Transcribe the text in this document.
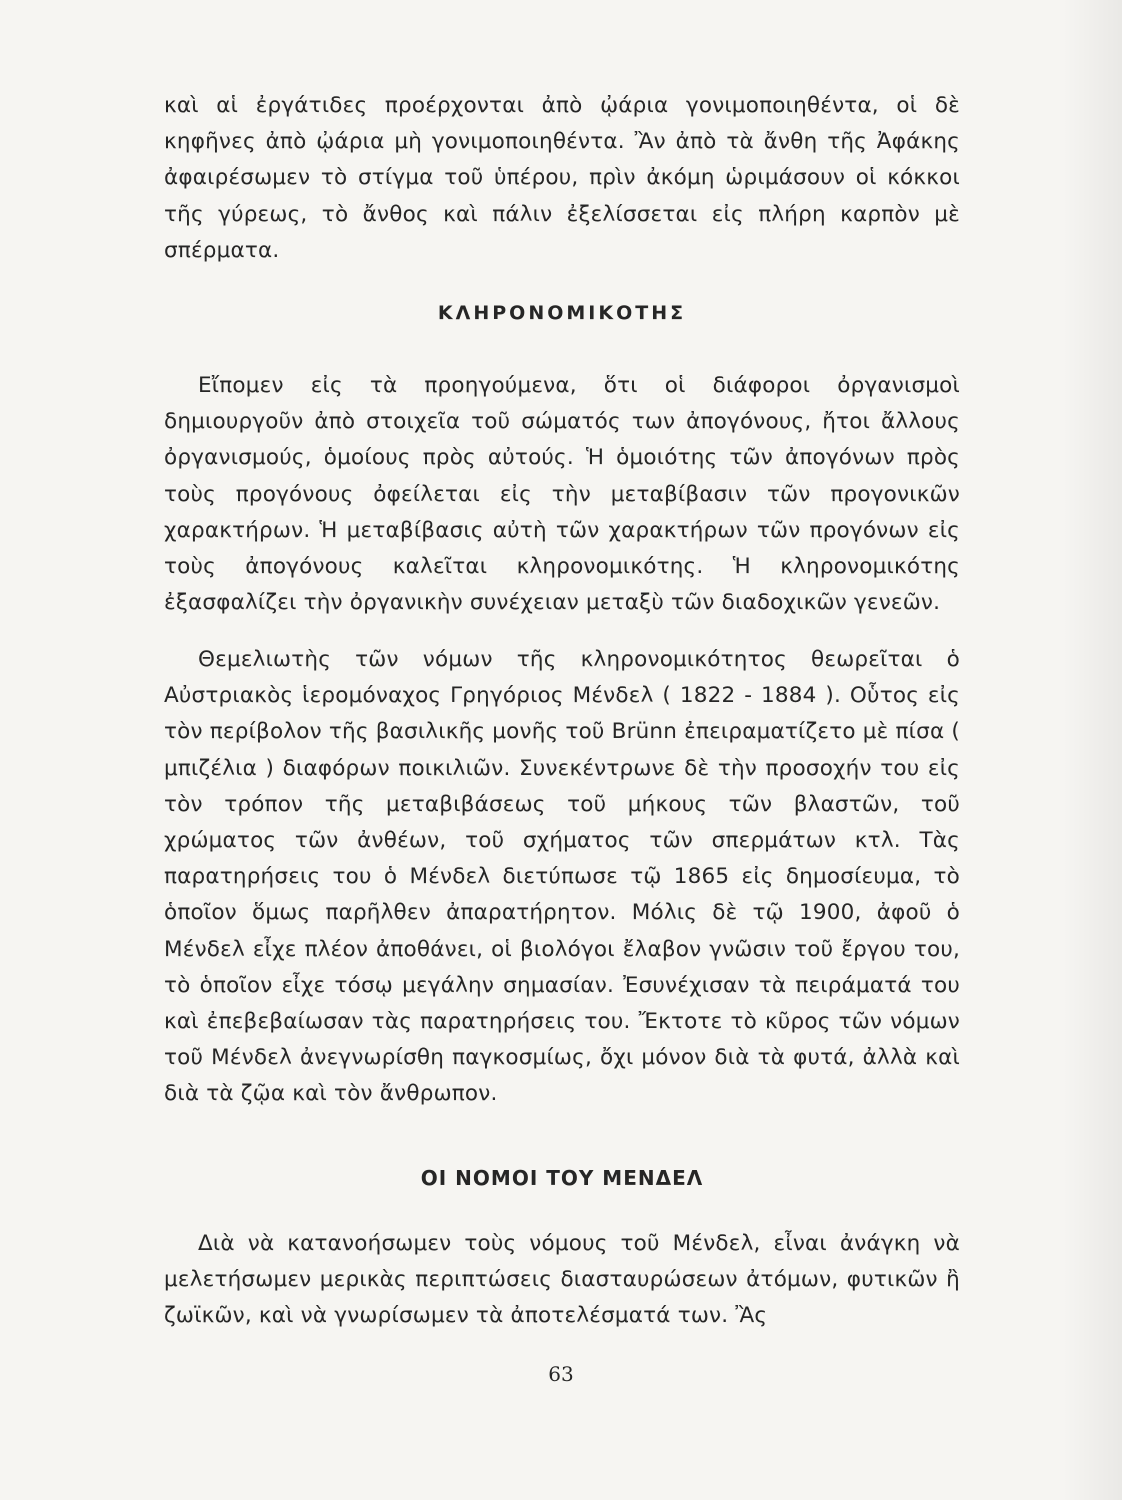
καὶ αἱ ἐργάτιδες προέρχονται ἀπὸ ᾠάρια γονιμοποιηθέντα, οἱ δὲ κηφῆνες ἀπὸ ᾠάρια μὴ γονιμοποιηθέντα. Ἂν ἀπὸ τὰ ἄνθη τῆς Ἀφάκης ἀφαιρέσωμεν τὸ στίγμα τοῦ ὑπέρου, πρὶν ἀκόμη ὡριμάσουν οἱ κόκκοι τῆς γύρεως, τὸ ἄνθος καὶ πάλιν ἐξελίσσεται εἰς πλήρη καρπὸν μὲ σπέρματα.

ΚΛΗΡΟΝΟΜΙΚΟΤΗΣ

Εἴπομεν εἰς τὰ προηγούμενα, ὅτι οἱ διάφοροι ὀργανισμοὶ δημιουργοῦν ἀπὸ στοιχεῖα τοῦ σώματός των ἀπογόνους, ἤτοι ἄλλους ὀργανισμούς, ὁμοίους πρὸς αὐτούς. Ἡ ὁμοιότης τῶν ἀπογόνων πρὸς τοὺς προγόνους ὀφείλεται εἰς τὴν μεταβίβασιν τῶν προγονικῶν χαρακτήρων. Ἡ μεταβίβασις αὐτὴ τῶν χαρακτήρων τῶν προγόνων εἰς τοὺς ἀπογόνους καλεῖται κληρονομικότης. Ἡ κληρονομικότης ἐξασφαλίζει τὴν ὀργανικὴν συνέχειαν μεταξὺ τῶν διαδοχικῶν γενεῶν.

Θεμελιωτὴς τῶν νόμων τῆς κληρονομικότητος θεωρεῖται ὁ Αὐστριακὸς ἱερομόναχος Γρηγόριος Μένδελ ( 1822 - 1884 ). Οὗτος εἰς τὸν περίβολον τῆς βασιλικῆς μονῆς τοῦ Brünn ἐπειραματίζετο μὲ πίσα ( μπιζέλια ) διαφόρων ποικιλιῶν. Συνεκέντρωνε δὲ τὴν προσοχήν του εἰς τὸν τρόπον τῆς μεταβιβάσεως τοῦ μήκους τῶν βλαστῶν, τοῦ χρώματος τῶν ἀνθέων, τοῦ σχήματος τῶν σπερμάτων κτλ. Τὰς παρατηρήσεις του ὁ Μένδελ διετύπωσε τῷ 1865 εἰς δημοσίευμα, τὸ ὁποῖον ὅμως παρῆλθεν ἀπαρατήρητον. Μόλις δὲ τῷ 1900, ἀφοῦ ὁ Μένδελ εἶχε πλέον ἀποθάνει, οἱ βιολόγοι ἔλαβον γνῶσιν τοῦ ἔργου του, τὸ ὁποῖον εἶχε τόσῳ μεγάλην σημασίαν. Ἐσυνέχισαν τὰ πειράματά του καὶ ἐπεβεβαίωσαν τὰς παρατηρήσεις του. Ἔκτοτε τὸ κῦρος τῶν νόμων τοῦ Μένδελ ἀνεγνωρίσθη παγκοσμίως, ὄχι μόνον διὰ τὰ φυτά, ἀλλὰ καὶ διὰ τὰ ζῷα καὶ τὸν ἄνθρωπον.

ΟΙ ΝΟΜΟΙ ΤΟΥ ΜΕΝΔΕΛ

Διὰ νὰ κατανοήσωμεν τοὺς νόμους τοῦ Μένδελ, εἶναι ἀνάγκη νὰ μελετήσωμεν μερικὰς περιπτώσεις διασταυρώσεων ἀτόμων, φυτικῶν ἢ ζωϊκῶν, καὶ νὰ γνωρίσωμεν τὰ ἀποτελέσματά των. Ἂς

63
